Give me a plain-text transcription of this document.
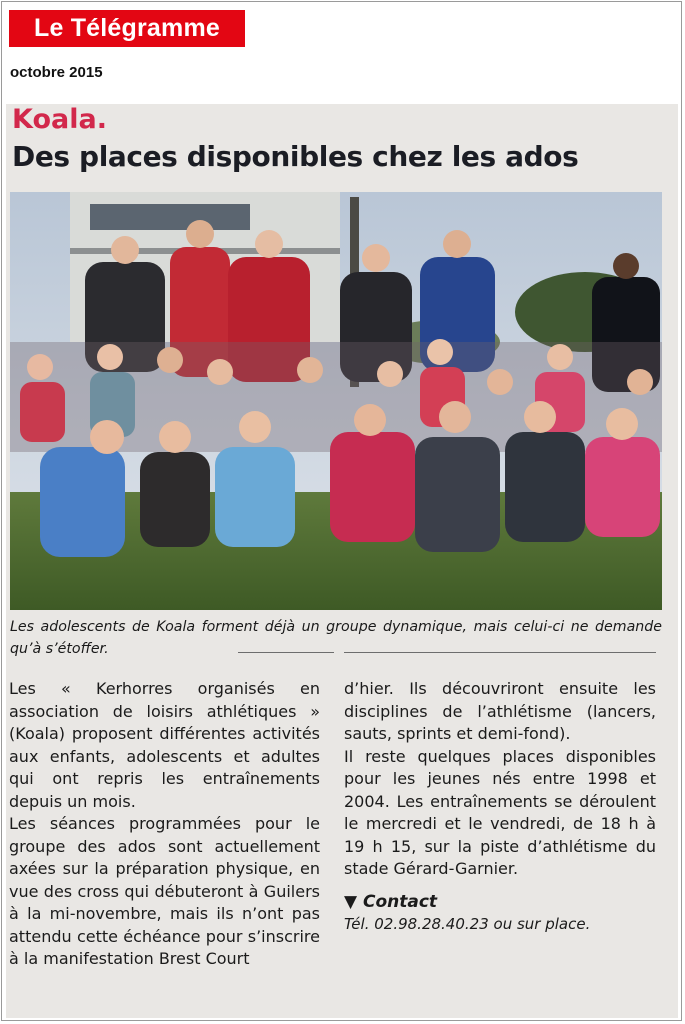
Le Télégramme
octobre 2015
Koala.
Des places disponibles chez les ados
Les adolescents de Koala forment déjà un groupe dynamique, mais celui-ci ne demande qu’à s’étoffer.

Les « Kerhorres organisés en association de loisirs athlétiques » (Koala) proposent différentes activités aux enfants, adolescents et adultes qui ont repris les entraînements depuis un mois.

Les séances programmées pour le groupe des ados sont actuellement axées sur la préparation physique, en vue des cross qui débuteront à Guilers à la mi-novembre, mais ils n’ont pas attendu cette échéance pour s’inscrire à la manifestation Brest Court

d’hier. Ils découvriront ensuite les disciplines de l’athlétisme (lancers, sauts, sprints et demi-fond).

Il reste quelques places disponibles pour les jeunes nés entre 1998 et 2004. Les entraînements se déroulent le mercredi et le vendredi, de 18 h à 19 h 15, sur la piste d’athlétisme du stade Gérard-Garnier.

▼ Contact

Tél. 02.98.28.40.23 ou sur place.
